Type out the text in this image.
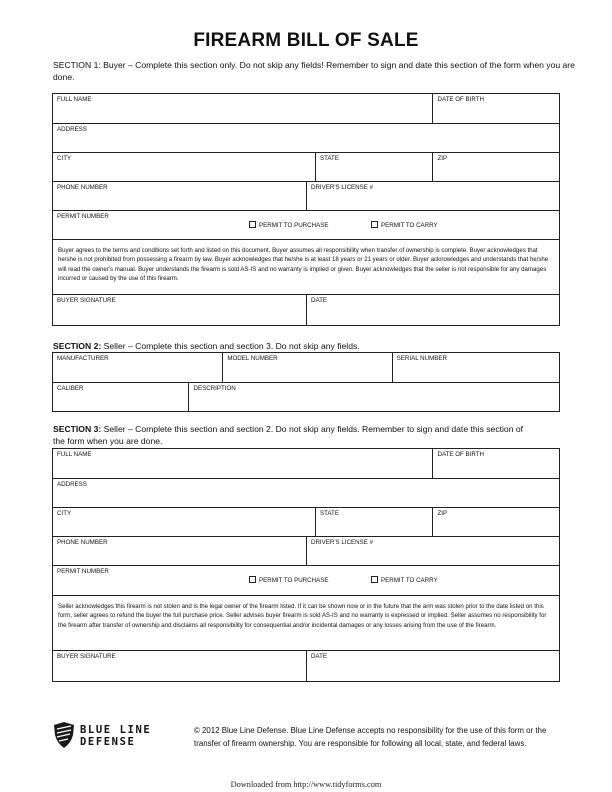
FIREARM BILL OF SALE
SECTION 1: Buyer – Complete this section only. Do not skip any fields! Remember to sign and date this section of the form when you are done.
FULL NAME	DATE OF BIRTH
ADDRESS
CITY	STATE	ZIP
PHONE NUMBER	DRIVER'S LICENSE #
PERMIT NUMBER
PERMIT TO PURCHASE	PERMIT TO CARRY
Buyer agrees to the terms and conditions set forth and listed on this document. Buyer assumes all responsibility when transfer of ownership is complete. Buyer acknowledges that he/she is not prohibited from possessing a firearm by law. Buyer acknowledges that he/she is at least 18 years or 21 years or older. Buyer acknowledges and understands that he/she will read the owner's manual. Buyer understands the firearm is sold AS-IS and no warranty is implied or given. Buyer acknowledges that the seller is not responsible for any damages incurred or caused by the use of this firearm.
BUYER SIGNATURE	DATE
SECTION 2: Seller – Complete this section and section 3. Do not skip any fields.
MANUFACTURER	MODEL NUMBER	SERIAL NUMBER
CALIBER	DESCRIPTION
SECTION 3: Seller – Complete this section and section 2. Do not skip any fields. Remember to sign and date this section of the form when you are done.
FULL NAME	DATE OF BIRTH
ADDRESS
CITY	STATE	ZIP
PHONE NUMBER	DRIVER'S LICENSE #
PERMIT NUMBER
PERMIT TO PURCHASE	PERMIT TO CARRY
Seller acknowledges this firearm is not stolen and is the legal owner of the firearm listed. If it can be shown now or in the future that the arm was stolen prior to the date listed on this form, seller agrees to refund the buyer the full purchase price. Seller advises buyer firearm is sold AS-IS and no warranty is expressed or implied. Seller assumes no responsibility for the firearm after transfer of ownership and disclaims all responsibility for consequential and/or incidental damages or any losses arising from the use of the firearm.
BUYER SIGNATURE	DATE
BLUE LINE
DEFENSE
© 2012 Blue Line Defense. Blue Line Defense accepts no responsibility for the use of this form or the transfer of firearm ownership. You are responsible for following all local, state, and federal laws.
Downloaded from http://www.tidyforms.com
